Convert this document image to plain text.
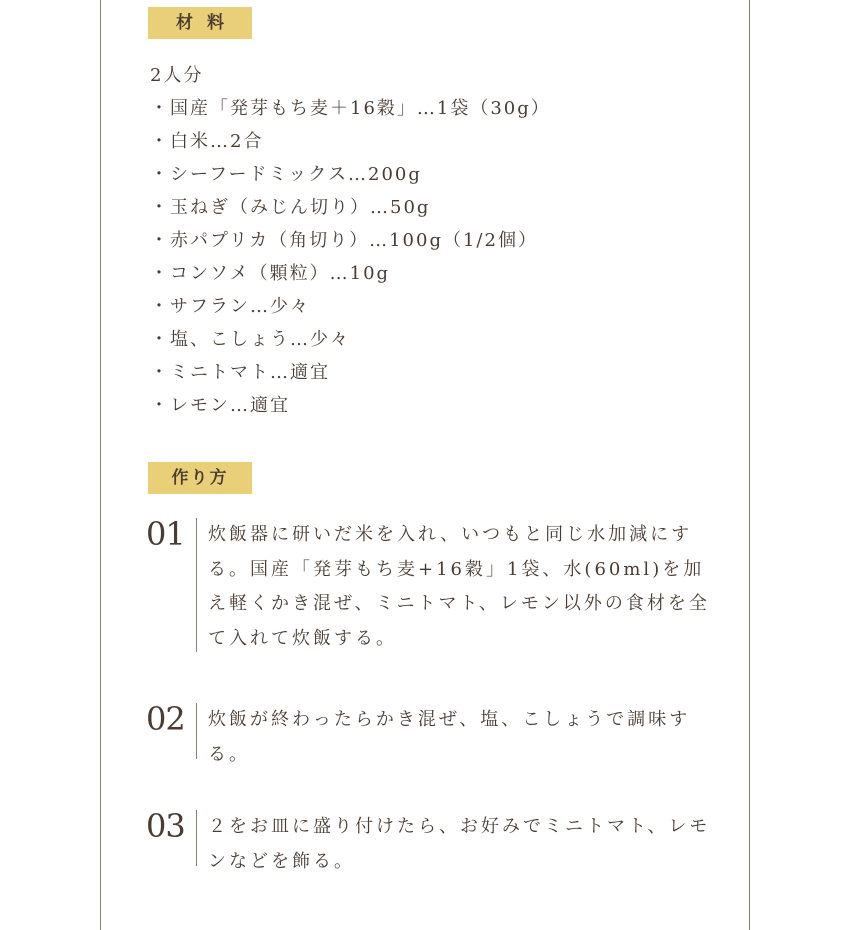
材料
2人分
・国産「発芽もち麦＋16穀」…1袋（30g）
・白米…2合
・シーフードミックス…200g
・玉ねぎ（みじん切り）…50g
・赤パプリカ（角切り）…100g（1/2個）
・コンソメ（顆粒）…10g
・サフラン…少々
・塩、こしょう…少々
・ミニトマト…適宜
・レモン…適宜
作り方
01 炊飯器に研いだ米を入れ、いつもと同じ水加減にする。国産「発芽もち麦+16穀」1袋、水(60ml)を加え軽くかき混ぜ、ミニトマト、レモン以外の食材を全て入れて炊飯する。
02 炊飯が終わったらかき混ぜ、塩、こしょうで調味する。
03 ２をお皿に盛り付けたら、お好みでミニトマト、レモンなどを飾る。
